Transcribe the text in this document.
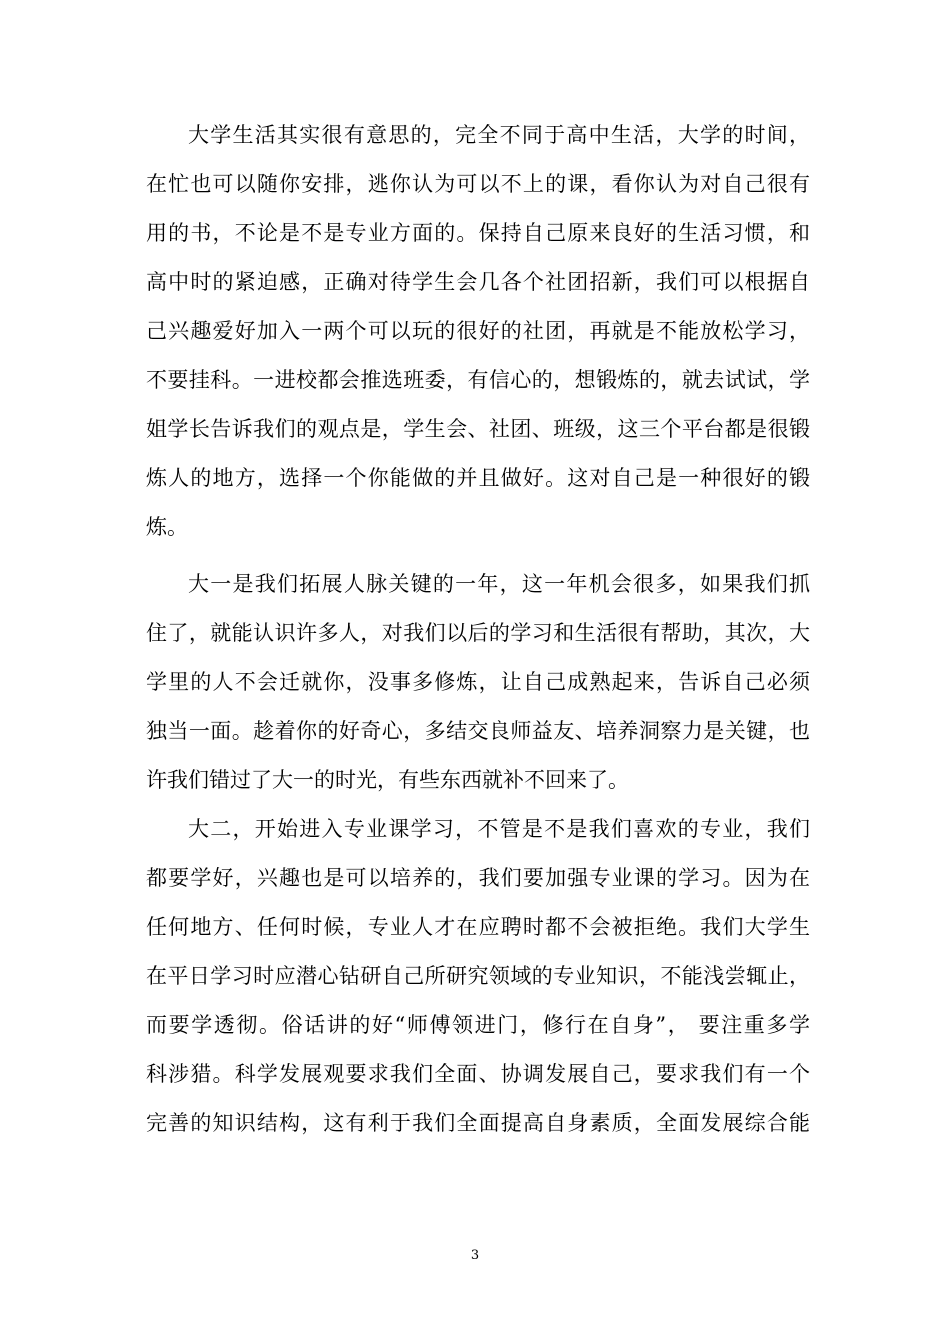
大学生活其实很有意思的，完全不同于高中生活，大学的时间，
在忙也可以随你安排，逃你认为可以不上的课，看你认为对自己很有
用的书，不论是不是专业方面的。保持自己原来良好的生活习惯，和
高中时的紧迫感，正确对待学生会几各个社团招新，我们可以根据自
己兴趣爱好加入一两个可以玩的很好的社团，再就是不能放松学习，
不要挂科。一进校都会推选班委，有信心的，想锻炼的，就去试试，学
姐学长告诉我们的观点是，学生会、社团、班级，这三个平台都是很锻
炼人的地方，选择一个你能做的并且做好。这对自己是一种很好的锻
炼。
大一是我们拓展人脉关键的一年，这一年机会很多，如果我们抓
住了，就能认识许多人，对我们以后的学习和生活很有帮助，其次，大
学里的人不会迁就你，没事多修炼，让自己成熟起来，告诉自己必须
独当一面。趁着你的好奇心，多结交良师益友、培养洞察力是关键，也
许我们错过了大一的时光，有些东西就补不回来了。
大二，开始进入专业课学习，不管是不是我们喜欢的专业，我们
都要学好，兴趣也是可以培养的，我们要加强专业课的学习。因为在
任何地方、任何时候，专业人才在应聘时都不会被拒绝。我们大学生
在平日学习时应潜心钻研自己所研究领域的专业知识，不能浅尝辄止，
而要学透彻。俗话讲的好“师傅领进门，修行在自身”， 要注重多学
科涉猎。科学发展观要求我们全面、协调发展自己，要求我们有一个
完善的知识结构，这有利于我们全面提高自身素质，全面发展综合能
3
